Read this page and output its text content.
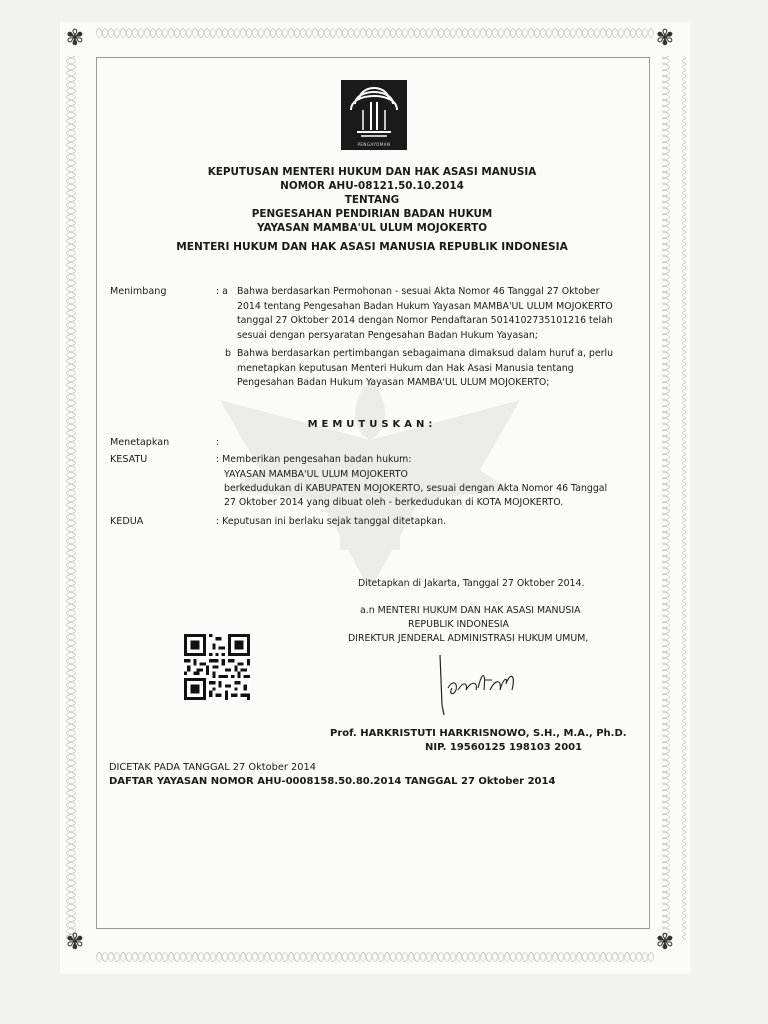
✾	✾
✾	✾
PENGAYOMAN
KEPUTUSAN MENTERI HUKUM DAN HAK ASASI MANUSIA
NOMOR AHU-08121.50.10.2014
TENTANG
PENGESAHAN PENDIRIAN BADAN HUKUM
YAYASAN MAMBA'UL ULUM MOJOKERTO
MENTERI HUKUM DAN HAK ASASI MANUSIA REPUBLIK INDONESIA
Menimbang	: a Bahwa berdasarkan Permohonan - sesuai Akta Nomor 46 Tanggal 27 Oktober
2014 tentang Pengesahan Badan Hukum Yayasan MAMBA'UL ULUM MOJOKERTO
tanggal 27 Oktober 2014 dengan Nomor Pendaftaran 5014102735101216 telah
sesuai dengan persyaratan Pengesahan Badan Hukum Yayasan;
b Bahwa berdasarkan pertimbangan sebagaimana dimaksud dalam huruf a, perlu
menetapkan keputusan Menteri Hukum dan Hak Asasi Manusia tentang
Pengesahan Badan Hukum Yayasan MAMBA'UL ULUM MOJOKERTO;
MEMUTUSKAN:
Menetapkan	:
KESATU	: Memberikan pengesahan badan hukum:
YAYASAN MAMBA'UL ULUM MOJOKERTO
berkedudukan di KABUPATEN MOJOKERTO, sesuai dengan Akta Nomor 46 Tanggal
27 Oktober 2014 yang dibuat oleh - berkedudukan di KOTA MOJOKERTO.
KEDUA	: Keputusan ini berlaku sejak tanggal ditetapkan.
Ditetapkan di Jakarta, Tanggal 27 Oktober 2014.
a.n MENTERI HUKUM DAN HAK ASASI MANUSIA
REPUBLIK INDONESIA
DIREKTUR JENDERAL ADMINISTRASI HUKUM UMUM,
Prof. HARKRISTUTI HARKRISNOWO, S.H., M.A., Ph.D.
NIP. 19560125 198103 2001
DICETAK PADA TANGGAL 27 Oktober 2014
DAFTAR YAYASAN NOMOR AHU-0008158.50.80.2014 TANGGAL 27 Oktober 2014
